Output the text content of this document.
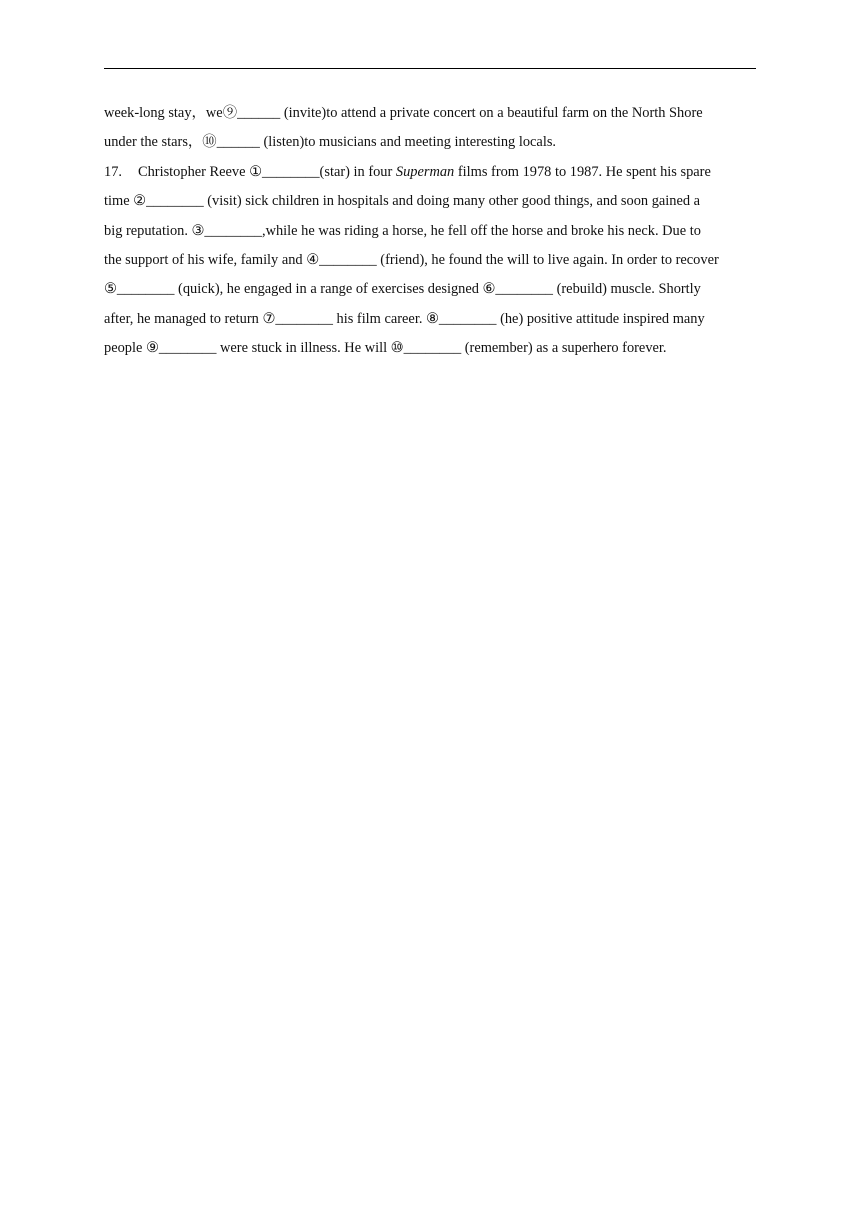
week-long stay，we⑨______ (invite)to attend a private concert on a beautiful farm on the North Shore
under the stars，⑩______ (listen)to musicians and meeting interesting locals.
17. Christopher Reeve ①________(star) in four Superman films from 1978 to 1987. He spent his spare
time ②________ (visit) sick children in hospitals and doing many other good things, and soon gained a
big reputation. ③________,while he was riding a horse, he fell off the horse and broke his neck. Due to
the support of his wife, family and ④________ (friend), he found the will to live again. In order to recover
⑤________ (quick), he engaged in a range of exercises designed ⑥________ (rebuild) muscle. Shortly
after, he managed to return ⑦________ his film career. ⑧________ (he) positive attitude inspired many
people ⑨________ were stuck in illness. He will ⑩________ (remember) as a superhero forever.
